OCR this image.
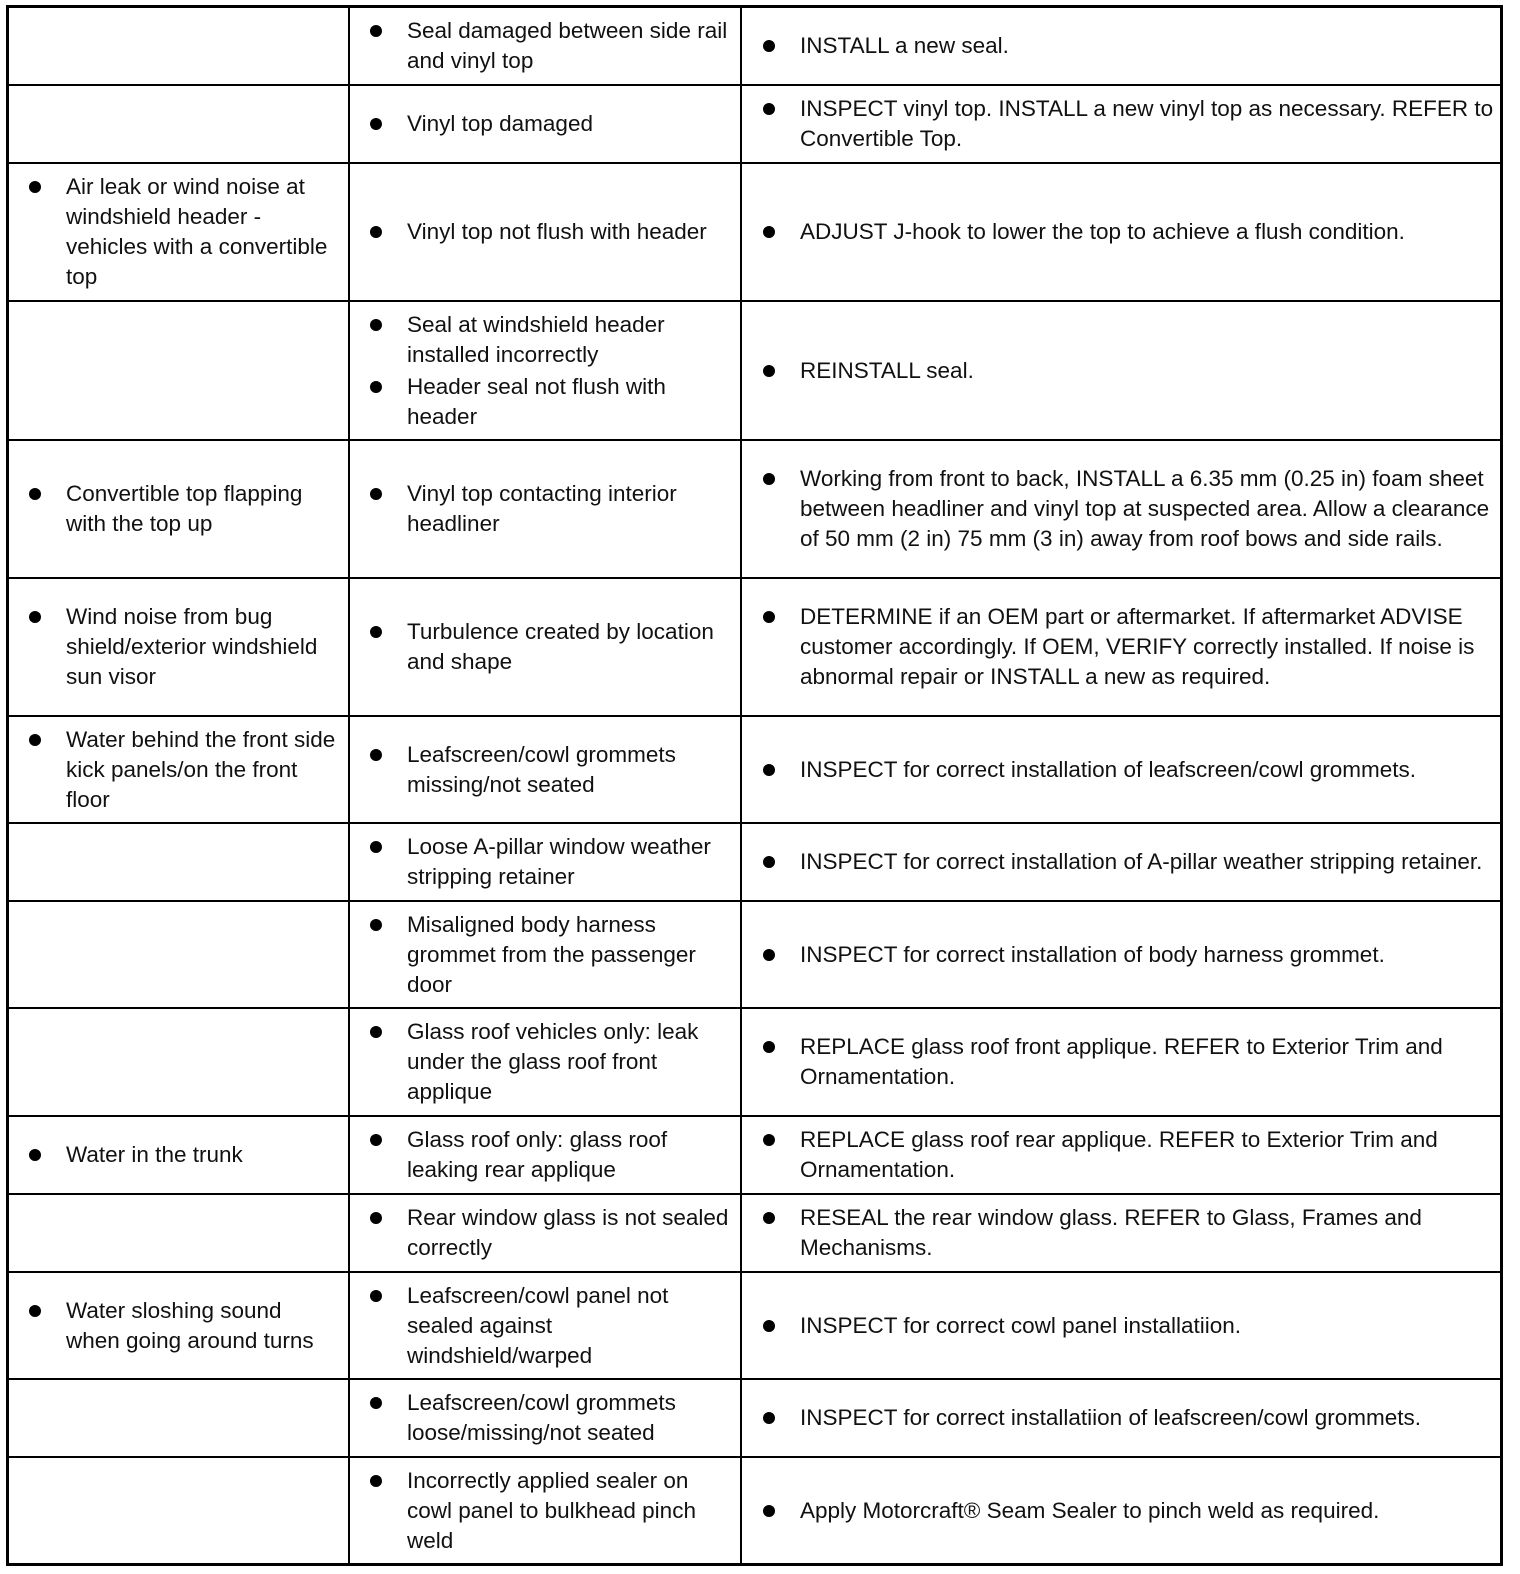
Seal damaged between side rail and vinyl top
INSTALL a new seal.
Vinyl top damaged
INSPECT vinyl top. INSTALL a new vinyl top as necessary. REFER to Convertible Top.
Air leak or wind noise at windshield header - vehicles with a convertible top
Vinyl top not flush with header	ADJUST J-hook to lower the top to achieve a flush condition.
Seal at windshield header installed incorrectly
Header seal not flush with header
REINSTALL seal.
Convertible top flapping with the top up
Vinyl top contacting interior headliner
Working from front to back, INSTALL a 6.35 mm (0.25 in) foam sheet between headliner and vinyl top at suspected area. Allow a clearance of 50 mm (2 in) 75 mm (3 in) away from roof bows and side rails.
Wind noise from bug shield/exterior windshield sun visor
Turbulence created by location and shape
DETERMINE if an OEM part or aftermarket. If aftermarket ADVISE customer accordingly. If OEM, VERIFY correctly installed. If noise is abnormal repair or INSTALL a new as required.
Water behind the front side kick panels/on the front floor
Leafscreen/cowl grommets missing/not seated
INSPECT for correct installation of leafscreen/cowl grommets.
Loose A-pillar window weather stripping retainer
INSPECT for correct installation of A-pillar weather stripping retainer.
Misaligned body harness grommet from the passenger door
INSPECT for correct installation of body harness grommet.
Glass roof vehicles only: leak under the glass roof front applique
REPLACE glass roof front applique. REFER to Exterior Trim and Ornamentation.
Water in the trunk
Glass roof only: glass roof leaking rear applique
REPLACE glass roof rear applique. REFER to Exterior Trim and Ornamentation.
Rear window glass is not sealed correctly
RESEAL the rear window glass. REFER to Glass, Frames and Mechanisms.
Water sloshing sound when going around turns
Leafscreen/cowl panel not sealed against windshield/warped
INSPECT for correct cowl panel installatiion.
Leafscreen/cowl grommets loose/missing/not seated
INSPECT for correct installatiion of leafscreen/cowl grommets.
Incorrectly applied sealer on cowl panel to bulkhead pinch weld
Apply Motorcraft® Seam Sealer to pinch weld as required.
